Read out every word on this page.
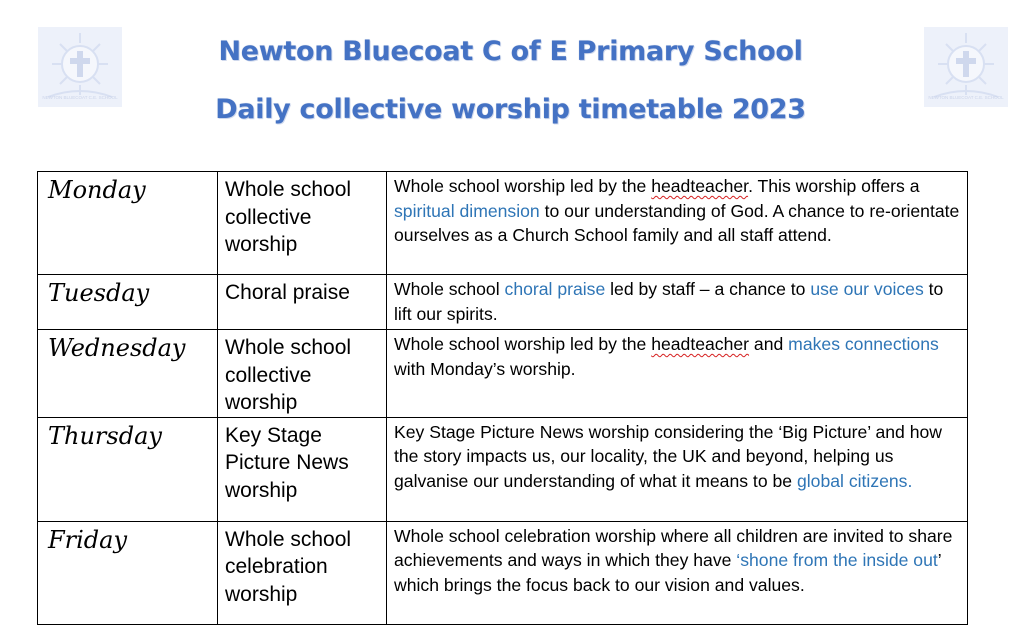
NEWTON BLUECOAT C.E. SCHOOL	NEWTON BLUECOAT C.E. SCHOOL
Newton Bluecoat C of E Primary School
Daily collective worship timetable 2023
Monday	Whole school collective worship	Whole school worship led by the headteacher. This worship offers a spiritual dimension to our understanding of God. A chance to re-orientate ourselves as a Church School family and all staff attend.
Tuesday	Choral praise	Whole school choral praise led by staff – a chance to use our voices to lift our spirits.
Wednesday	Whole school collective worship	Whole school worship led by the headteacher and makes connections with Monday’s worship.
Thursday	Key Stage Picture News worship	Key Stage Picture News worship considering the ‘Big Picture’ and how the story impacts us, our locality, the UK and beyond, helping us galvanise our understanding of what it means to be global citizens.
Friday	Whole school celebration worship	Whole school celebration worship where all children are invited to share achievements and ways in which they have ‘shone from the inside out’ which brings the focus back to our vision and values.
